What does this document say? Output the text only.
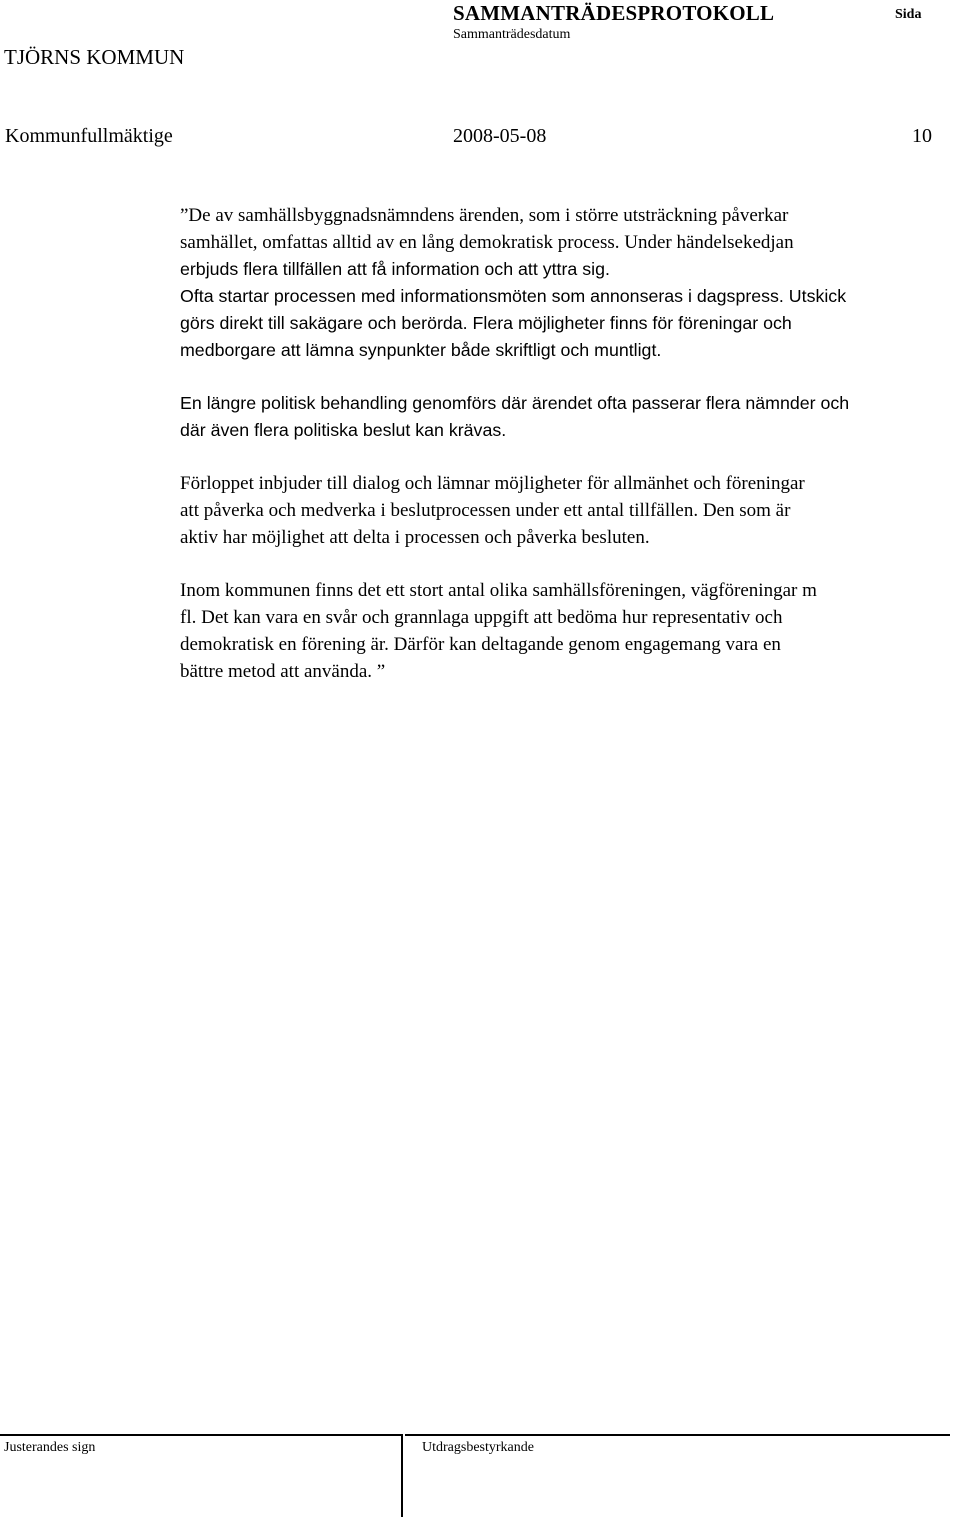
SAMMANTRÄDESPROTOKOLL
Sammanträdesdatum
Sida
TJÖRNS KOMMUN
Kommunfullmäktige	2008-05-08	10
”De av samhällsbyggnadsnämndens ärenden, som i större utsträckning påverkar
samhället, omfattas alltid av en lång demokratisk process. Under händelsekedjan
erbjuds flera tillfällen att få information och att yttra sig.
Ofta startar processen med informationsmöten som annonseras i dagspress. Utskick
görs direkt till sakägare och berörda. Flera möjligheter finns för föreningar och
medborgare att lämna synpunkter både skriftligt och muntligt.
En längre politisk behandling genomförs där ärendet ofta passerar flera nämnder och
där även flera politiska beslut kan krävas.
Förloppet inbjuder till dialog och lämnar möjligheter för allmänhet och föreningar
att påverka och medverka i beslutprocessen under ett antal tillfällen. Den som är
aktiv har möjlighet att delta i processen och påverka besluten.
Inom kommunen finns det ett stort antal olika samhällsföreningen, vägföreningar m
fl. Det kan vara en svår och grannlaga uppgift att bedöma hur representativ och
demokratisk en förening är. Därför kan deltagande genom engagemang vara en
bättre metod att använda. ”
Justerandes sign	Utdragsbestyrkande
